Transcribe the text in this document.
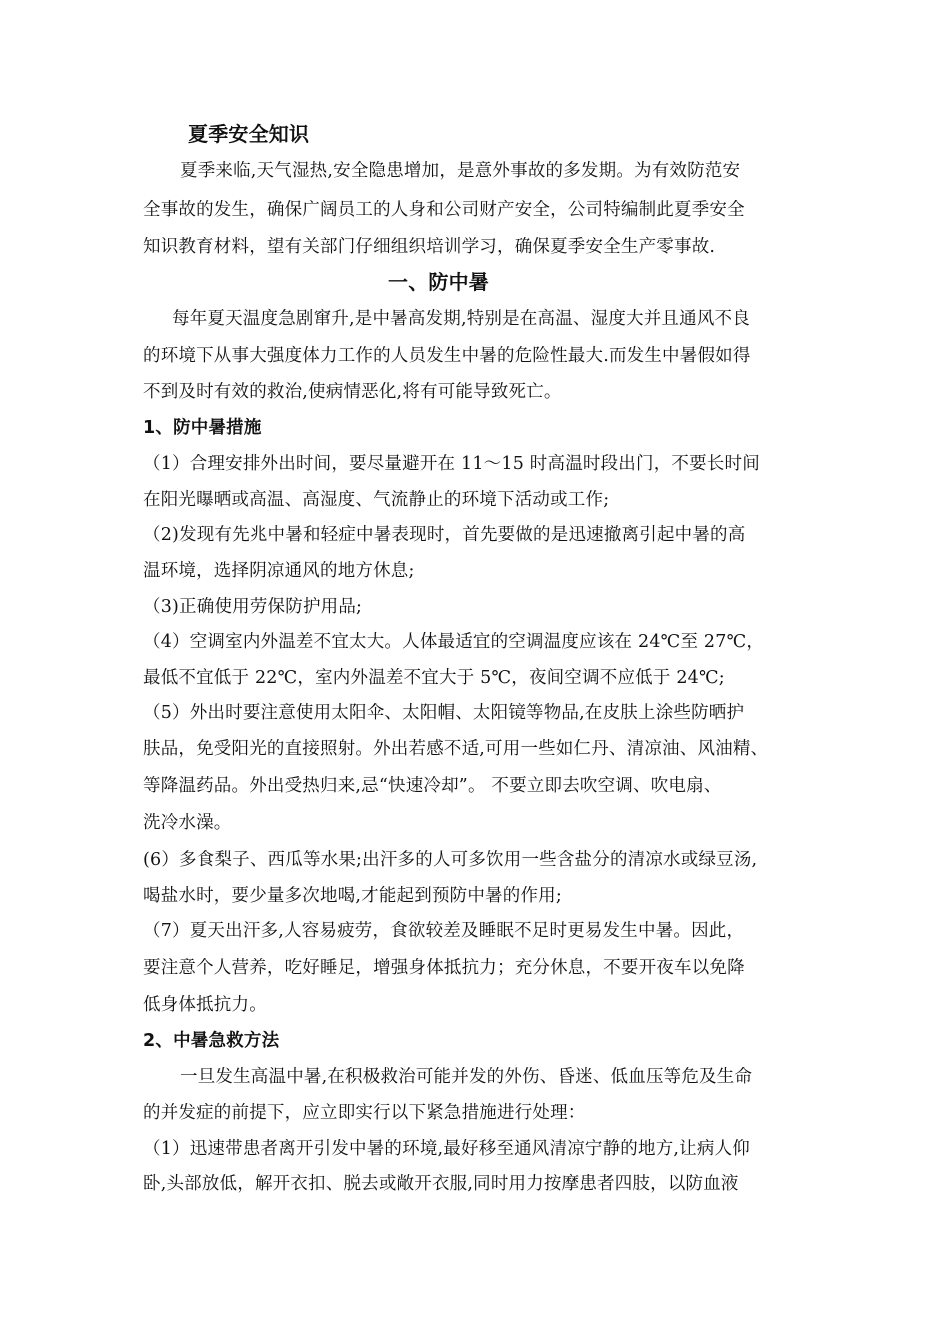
夏季安全知识
夏季来临,天气湿热,安全隐患增加，是意外事故的多发期。为有效防范安
全事故的发生，确保广阔员工的人身和公司财产安全，公司特编制此夏季安全
知识教育材料，望有关部门仔细组织培训学习，确保夏季安全生产零事故.
一、防中暑
每年夏天温度急剧窜升,是中暑高发期,特别是在高温、湿度大并且通风不良
的环境下从事大强度体力工作的人员发生中暑的危险性最大.而发生中暑假如得
不到及时有效的救治,使病情恶化,将有可能导致死亡。
1、防中暑措施
（1）合理安排外出时间，要尽量避开在 11～15 时高温时段出门，不要长时间
在阳光曝晒或高温、高湿度、气流静止的环境下活动或工作;
（2)发现有先兆中暑和轻症中暑表现时，首先要做的是迅速撤离引起中暑的高
温环境，选择阴凉通风的地方休息;
（3)正确使用劳保防护用品;
（4）空调室内外温差不宜太大。人体最适宜的空调温度应该在 24℃至 27℃，
最低不宜低于 22℃，室内外温差不宜大于 5℃，夜间空调不应低于 24℃;
（5）外出时要注意使用太阳伞、太阳帽、太阳镜等物品,在皮肤上涂些防晒护
肤品，免受阳光的直接照射。外出若感不适,可用一些如仁丹、清凉油、风油精、
等降温药品。外出受热归来,忌“快速冷却”。 不要立即去吹空调、吹电扇、
洗冷水澡。
(6）多食梨子、西瓜等水果;出汗多的人可多饮用一些含盐分的清凉水或绿豆汤,
喝盐水时，要少量多次地喝,才能起到预防中暑的作用;
（7）夏天出汗多,人容易疲劳，食欲较差及睡眠不足时更易发生中暑。因此，
要注意个人营养，吃好睡足，增强身体抵抗力；充分休息，不要开夜车以免降
低身体抵抗力。
2、中暑急救方法
一旦发生高温中暑,在积极救治可能并发的外伤、昏迷、低血压等危及生命
的并发症的前提下，应立即实行以下紧急措施进行处理：
（1）迅速带患者离开引发中暑的环境,最好移至通风清凉宁静的地方,让病人仰
卧,头部放低，解开衣扣、脱去或敞开衣服,同时用力按摩患者四肢，以防血液
